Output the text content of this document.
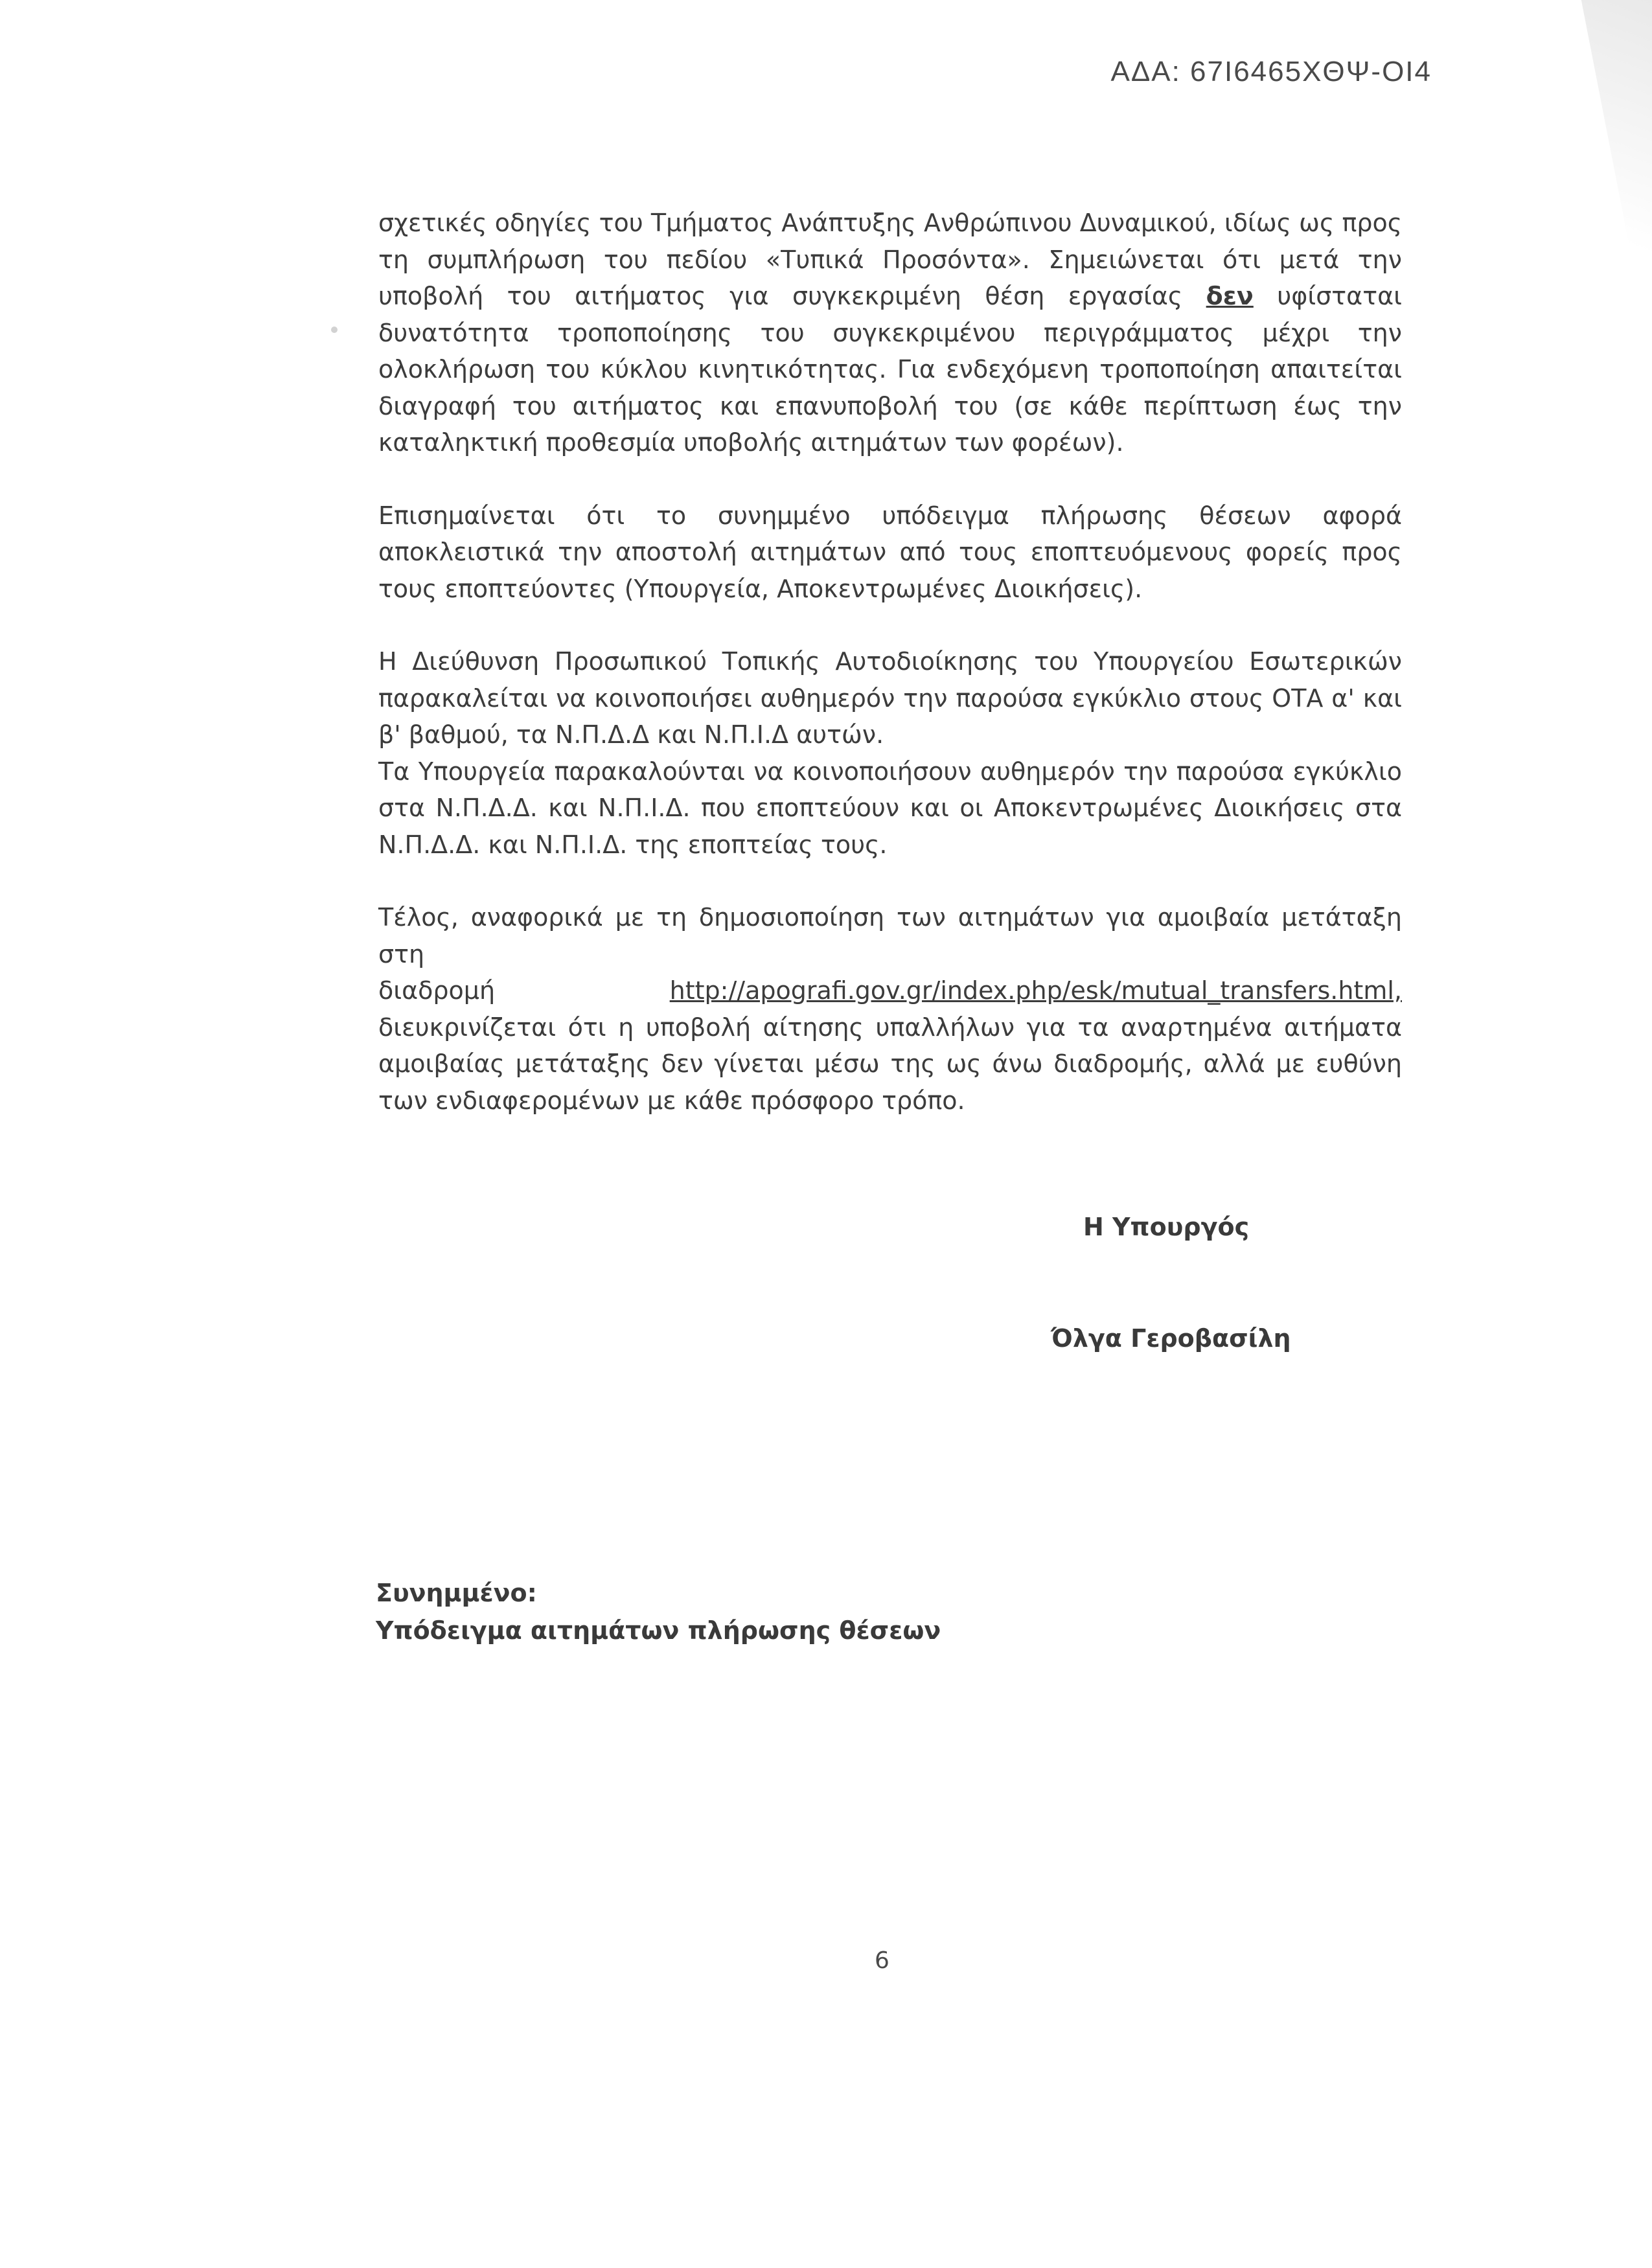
ΑΔΑ: 67Ι6465ΧΘΨ-ΟΙ4

σχετικές οδηγίες του Τμήματος Ανάπτυξης Ανθρώπινου Δυναμικού, ιδίως ως προς τη συμπλήρωση του πεδίου «Τυπικά Προσόντα». Σημειώνεται ότι μετά την υποβολή του αιτήματος για συγκεκριμένη θέση εργασίας δεν υφίσταται δυνατότητα τροποποίησης του συγκεκριμένου περιγράμματος μέχρι την ολοκλήρωση του κύκλου κινητικότητας. Για ενδεχόμενη τροποποίηση απαιτείται διαγραφή του αιτήματος και επανυποβολή του (σε κάθε περίπτωση έως την καταληκτική προθεσμία υποβολής αιτημάτων των φορέων).

Επισημαίνεται ότι το συνημμένο υπόδειγμα πλήρωσης θέσεων αφορά αποκλειστικά την αποστολή αιτημάτων από τους εποπτευόμενους φορείς προς τους εποπτεύοντες (Υπουργεία, Αποκεντρωμένες Διοικήσεις).

Η Διεύθυνση Προσωπικού Τοπικής Αυτοδιοίκησης του Υπουργείου Εσωτερικών παρακαλείται να κοινοποιήσει αυθημερόν την παρούσα εγκύκλιο στους ΟΤΑ α' και β' βαθμού, τα Ν.Π.Δ.Δ και Ν.Π.Ι.Δ αυτών.

Τα Υπουργεία παρακαλούνται να κοινοποιήσουν αυθημερόν την παρούσα εγκύκλιο στα Ν.Π.Δ.Δ. και Ν.Π.Ι.Δ. που εποπτεύουν και οι Αποκεντρωμένες Διοικήσεις στα Ν.Π.Δ.Δ. και Ν.Π.Ι.Δ. της εποπτείας τους.

Τέλος, αναφορικά με τη δημοσιοποίηση των αιτημάτων για αμοιβαία μετάταξη στη
διαδρομή	http://apografi.gov.gr/index.php/esk/mutual_transfers.html,
διευκρινίζεται ότι η υποβολή αίτησης υπαλλήλων για τα αναρτημένα αιτήματα αμοιβαίας μετάταξης δεν γίνεται μέσω της ως άνω διαδρομής, αλλά με ευθύνη των ενδιαφερομένων με κάθε πρόσφορο τρόπο.
Η Υπουργός
Όλγα Γεροβασίλη
Συνημμένο:
Υπόδειγμα αιτημάτων πλήρωσης θέσεων
6
